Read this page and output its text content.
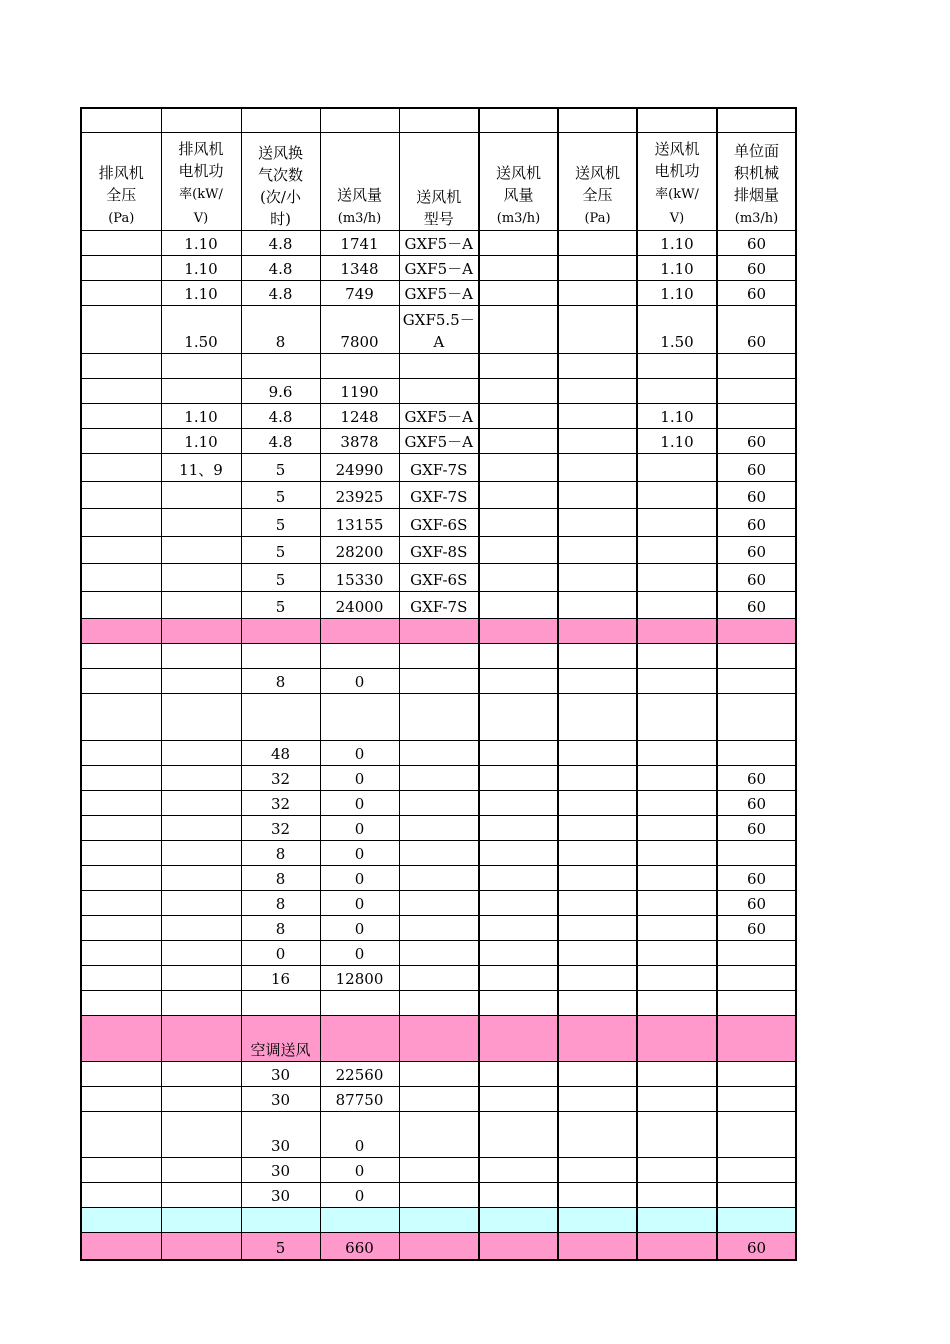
排风机
全压
(Pa)	排风机
电机功
率(kW/
V)	送风换
气次数
(次/小
时)	送风量
(m3/h)	送风机
型号	送风机
风量
(m3/h)	送风机
全压
(Pa)	送风机
电机功
率(kW/
V)	单位面
积机械
排烟量
(m3/h)
	1.10	4.8	1741	GXF5－A			1.10	60
	1.10	4.8	1348	GXF5－A			1.10	60
	1.10	4.8	749	GXF5－A			1.10	60
	1.50	8	7800	GXF5.5－A			1.50	60

		9.6	1190					
	1.10	4.8	1248	GXF5－A			1.10	
	1.10	4.8	3878	GXF5－A			1.10	60
	11、9	5	24990	GXF-7S				60
		5	23925	GXF-7S				60
		5	13155	GXF-6S				60
		5	28200	GXF-8S				60
		5	15330	GXF-6S				60
		5	24000	GXF-7S				60

		8	0					

		48	0					
		32	0					60
		32	0					60
		32	0					60
		8	0					
		8	0					60
		8	0					60
		8	0					60
		0	0					
		16	12800					

		空调送风						
		30	22560					
		30	87750					
		30	0					
		30	0					
		30	0					

		5	660					60
